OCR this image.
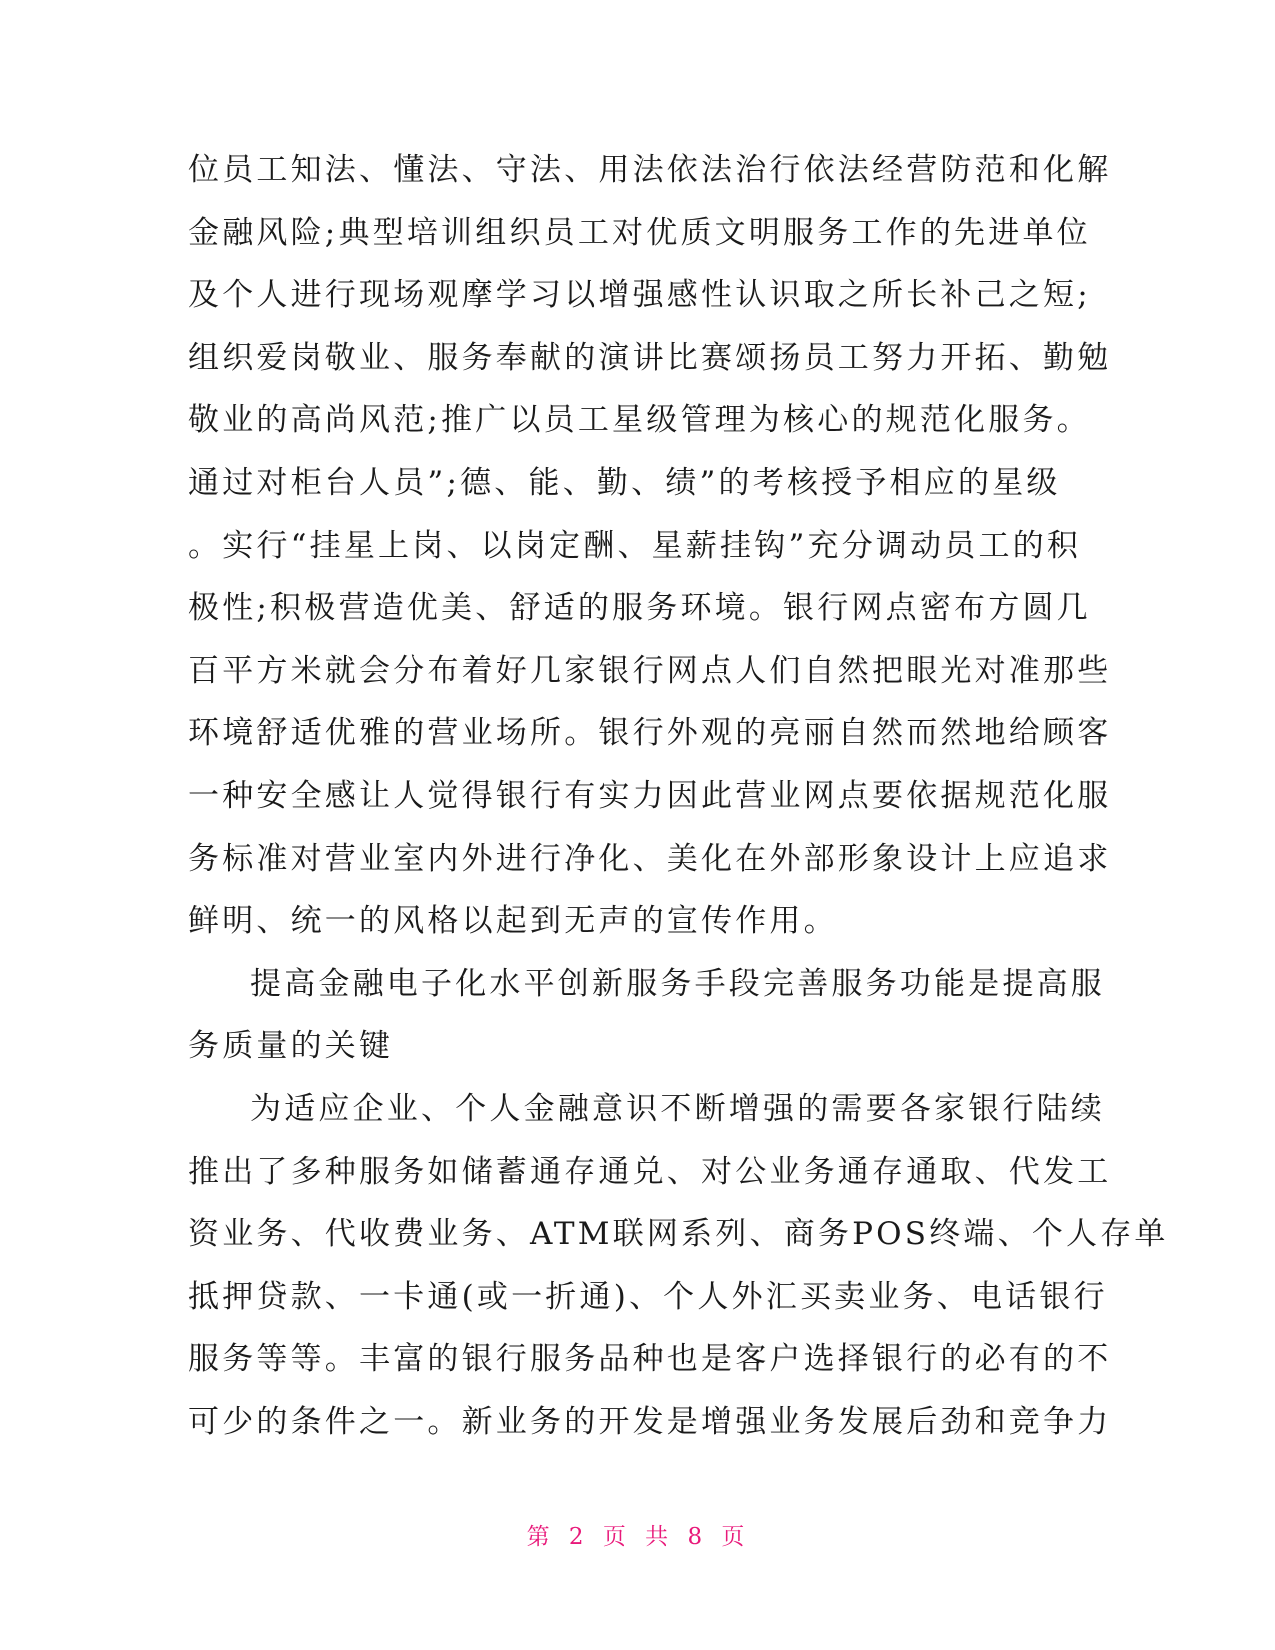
位员工知法、懂法、守法、用法依法治行依法经营防范和化解
金融风险;典型培训组织员工对优质文明服务工作的先进单位
及个人进行现场观摩学习以增强感性认识取之所长补己之短;
组织爱岗敬业、服务奉献的演讲比赛颂扬员工努力开拓、勤勉
敬业的高尚风范;推广以员工星级管理为核心的规范化服务。
通过对柜台人员”;德、能、勤、绩”的考核授予相应的星级
。实行“挂星上岗、以岗定酬、星薪挂钩”充分调动员工的积
极性;积极营造优美、舒适的服务环境。银行网点密布方圆几
百平方米就会分布着好几家银行网点人们自然把眼光对准那些
环境舒适优雅的营业场所。银行外观的亮丽自然而然地给顾客
一种安全感让人觉得银行有实力因此营业网点要依据规范化服
务标准对营业室内外进行净化、美化在外部形象设计上应追求
鲜明、统一的风格以起到无声的宣传作用。
提高金融电子化水平创新服务手段完善服务功能是提高服
务质量的关键
为适应企业、个人金融意识不断增强的需要各家银行陆续
推出了多种服务如储蓄通存通兑、对公业务通存通取、代发工
资业务、代收费业务、ATM联网系列、商务POS终端、个人存单
抵押贷款、一卡通(或一折通)、个人外汇买卖业务、电话银行
服务等等。丰富的银行服务品种也是客户选择银行的必有的不
可少的条件之一。新业务的开发是增强业务发展后劲和竞争力
第 2 页 共 8 页
